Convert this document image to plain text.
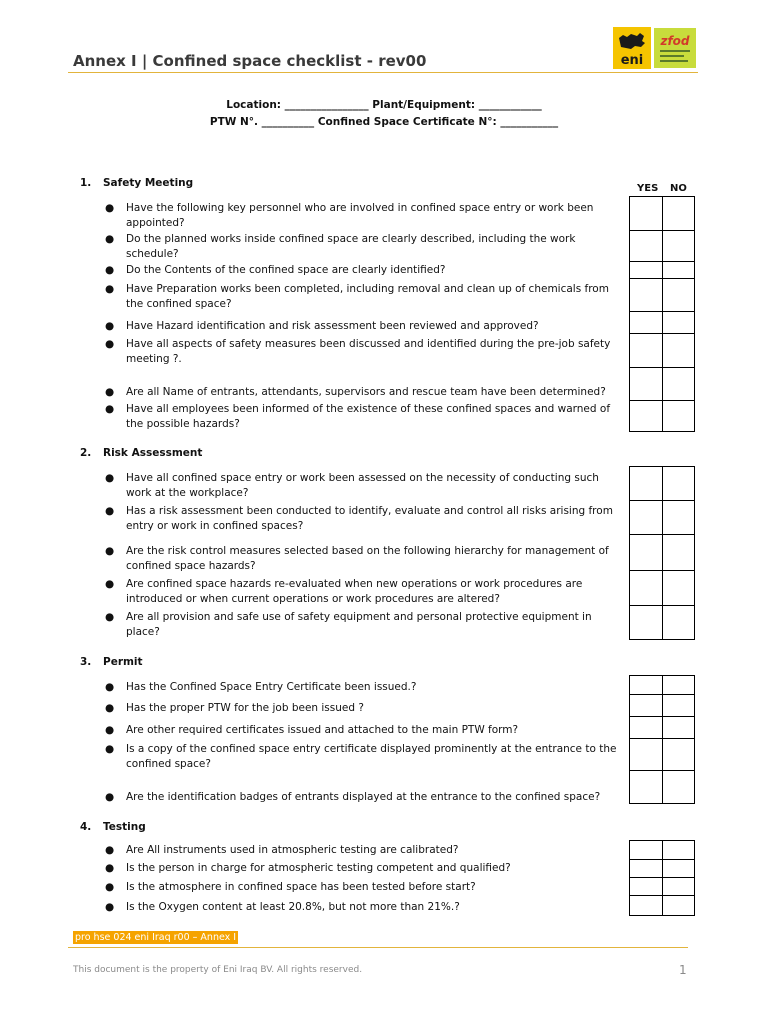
Annex I | Confined space checklist - rev00	eni
zfod
Location: ________________ Plant/Equipment: ____________
PTW N°. __________ Confined Space Certificate N°: ___________
YES NO
1. Safety Meeting
● Have the following key personnel who are involved in confined space entry or work been appointed?
● Do the planned works inside confined space are clearly described, including the work schedule?
● Do the Contents of the confined space are clearly identified?
● Have Preparation works been completed, including removal and clean up of chemicals from the confined space?
● Have Hazard identification and risk assessment been reviewed and approved?
● Have all aspects of safety measures been discussed and identified during the pre-job safety meeting ?.
● Are all Name of entrants, attendants, supervisors and rescue team have been determined?
● Have all employees been informed of the existence of these confined spaces and warned of the possible hazards?
2. Risk Assessment
● Have all confined space entry or work been assessed on the necessity of conducting such work at the workplace?
● Has a risk assessment been conducted to identify, evaluate and control all risks arising from entry or work in confined spaces?
● Are the risk control measures selected based on the following hierarchy for management of confined space hazards?
● Are confined space hazards re-evaluated when new operations or work procedures are introduced or when current operations or work procedures are altered?
● Are all provision and safe use of safety equipment and personal protective equipment in place?
3. Permit
● Has the Confined Space Entry Certificate been issued.?
● Has the proper PTW for the job been issued ?
● Are other required certificates issued and attached to the main PTW form?
● Is a copy of the confined space entry certificate displayed prominently at the entrance to the confined space?
● Are the identification badges of entrants displayed at the entrance to the confined space?
4. Testing
● Are All instruments used in atmospheric testing are calibrated?
● Is the person in charge for atmospheric testing competent and qualified?
● Is the atmosphere in confined space has been tested before start?
● Is the Oxygen content at least 20.8%, but not more than 21%.?
pro hse 024 eni Iraq r00 – Annex I
This document is the property of Eni Iraq BV. All rights reserved.	1
